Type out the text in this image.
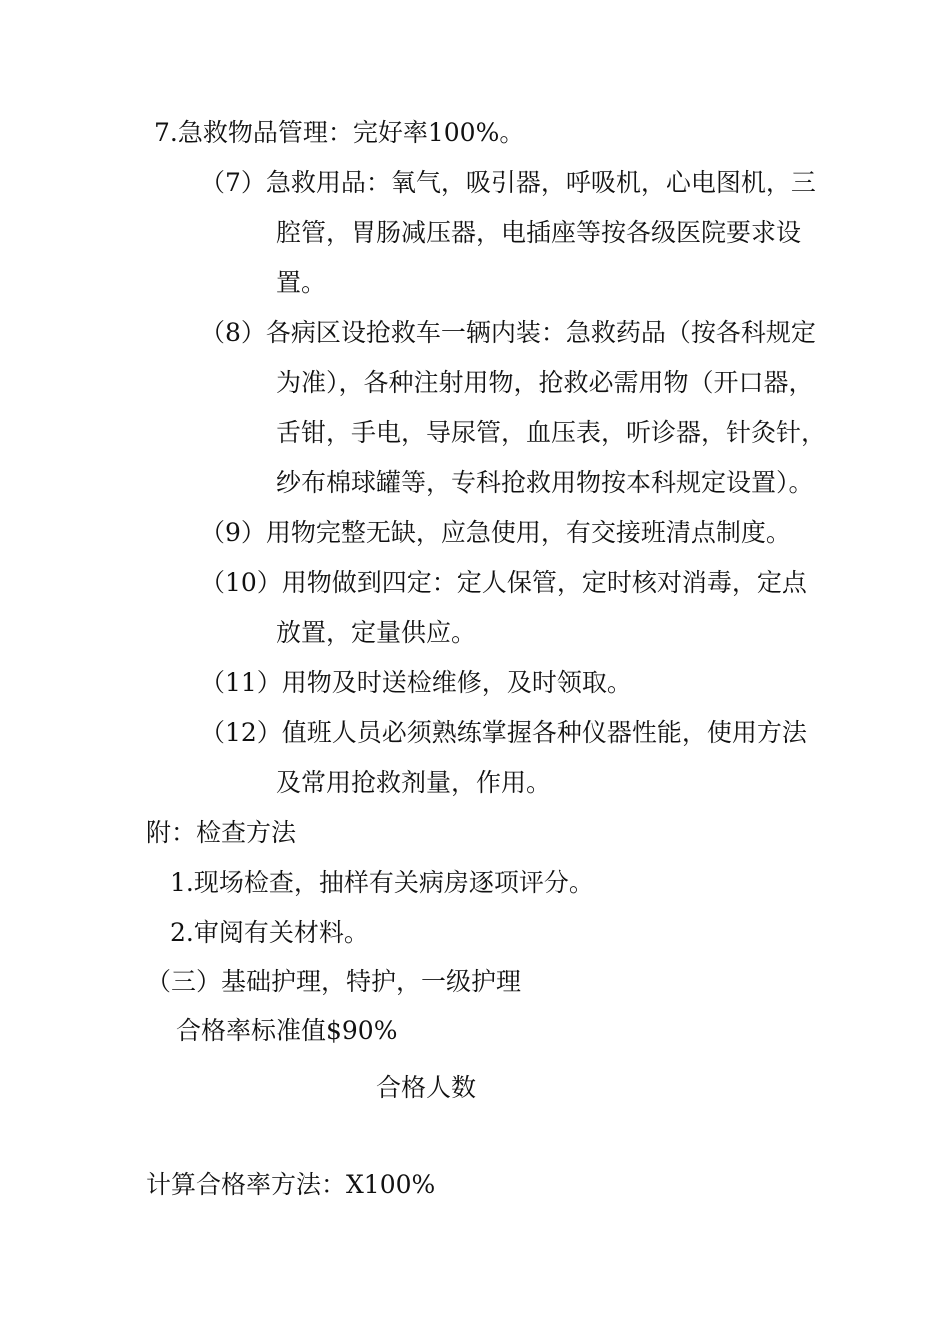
7.急救物品管理：完好率100%。
（7）急救用品：氧气，吸引器，呼吸机，心电图机，三
腔管，胃肠减压器，电插座等按各级医院要求设
置。
（8）各病区设抢救车一辆内装：急救药品（按各科规定
为准），各种注射用物，抢救必需用物（开口器，
舌钳，手电，导尿管，血压表，听诊器，针灸针，
纱布棉球罐等，专科抢救用物按本科规定设置）。
（9）用物完整无缺，应急使用，有交接班清点制度。
（10）用物做到四定：定人保管，定时核对消毒，定点
放置，定量供应。
（11）用物及时送检维修，及时领取。
（12）值班人员必须熟练掌握各种仪器性能，使用方法
及常用抢救剂量，作用。
附：检查方法
1.现场检查，抽样有关病房逐项评分。
2.审阅有关材料。
（三）基础护理，特护，一级护理
合格率标准值$90%
合格人数
计算合格率方法：X100%
